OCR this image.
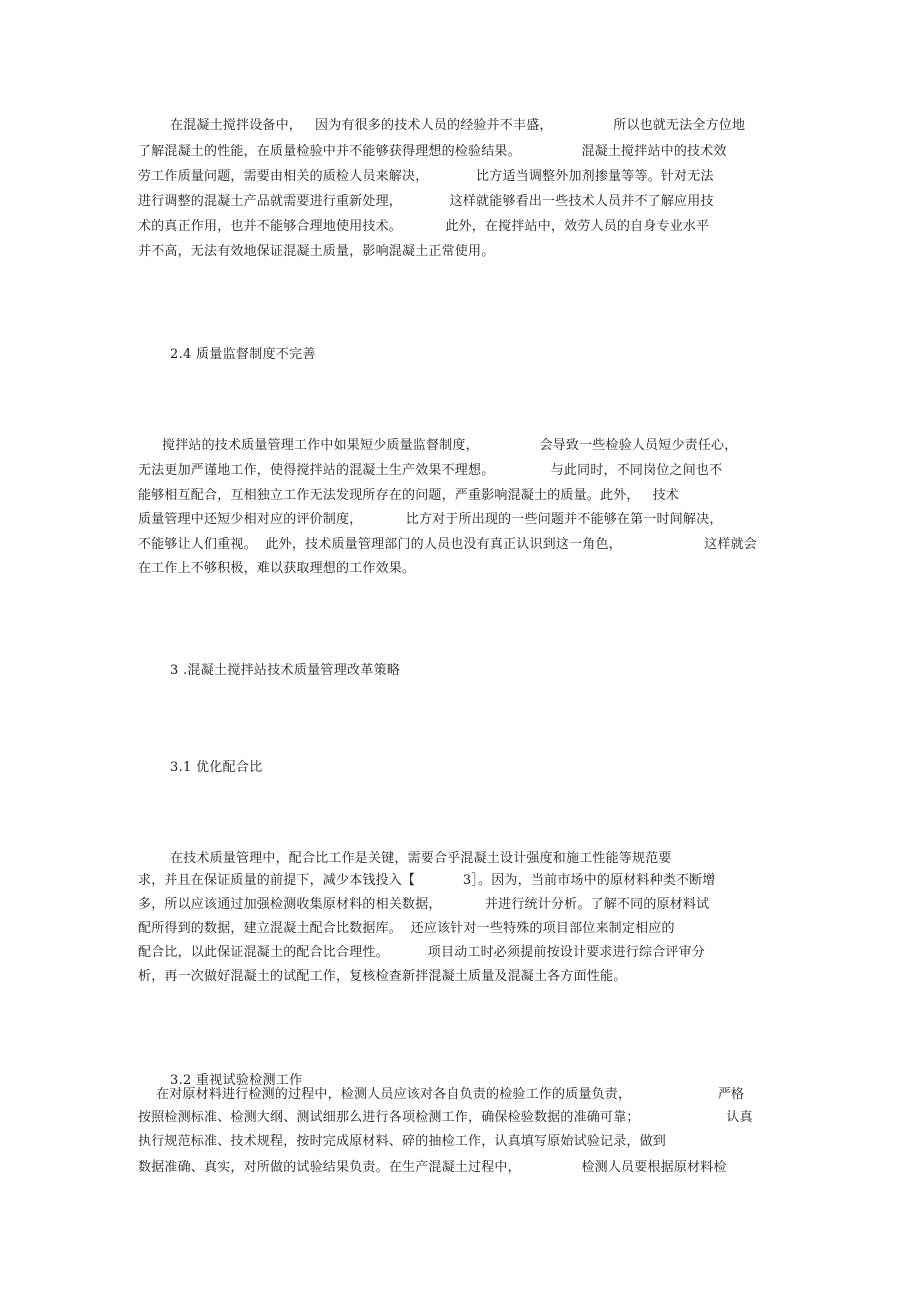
在混凝土搅拌设备中，   因为有很多的技术人员的经验并不丰盛，              所以也就无法全方位地
了解混凝土的性能，在质量检验中并不能够获得理想的检验结果。              混凝土搅拌站中的技术效
劳工作质量问题，需要由相关的质检人员来解决，           比方适当调整外加剂掺量等等。针对无法
进行调整的混凝土产品就需要进行重新处理，           这样就能够看出一些技术人员并不了解应用技
术的真正作用，也并不能够合理地使用技术。          此外，在搅拌站中，效劳人员的自身专业水平
并不高，无法有效地保证混凝土质量，影响混凝土正常使用。
2.4 质量监督制度不完善
搅拌站的技术质量管理工作中如果短少质量监督制度，              会导致一些检验人员短少责任心，
无法更加严谨地工作，使得搅拌站的混凝土生产效果不理想。             与此同时，不同岗位之间也不
能够相互配合，互相独立工作无法发现所存在的问题，严重影响混凝土的质量。此外，   技术
质量管理中还短少相对应的评价制度，          比方对于所出现的一些问题并不能够在第一时间解决，
不能够让人们重视。  此外，技术质量管理部门的人员也没有真正认识到这一角色，                   这样就会
在工作上不够积极，难以获取理想的工作效果。
3 .混凝土搅拌站技术质量管理改革策略
3.1 优化配合比
在技术质量管理中，配合比工作是关键，需要合乎混凝土设计强度和施工性能等规范要
求，并且在保证质量的前提下，减少本钱投入【           3］。因为，当前市场中的原材料种类不断增
多，所以应该通过加强检测收集原材料的相关数据，          并进行统计分析。了解不同的原材料试
配所得到的数据，建立混凝土配合比数据库。  还应该针对一些特殊的项目部位来制定相应的
配合比，以此保证混凝土的配合比合理性。         项目动工时必须提前按设计要求进行综合评审分
析，再一次做好混凝土的试配工作，复核检查新拌混凝土质量及混凝土各方面性能。
3.2 重视试验检测工作
在对原材料进行检测的过程中，检测人员应该对各自负责的检验工作的质量负责，                    严格
按照检测标准、检测大纲、测试细那么进行各项检测工作，确保检验数据的准确可靠；                    认真
执行规范标准、技术规程，按时完成原材料、碎的抽检工作，认真填写原始试验记录，做到
数据准确、真实，对所做的试验结果负责。在生产混凝土过程中，              检测人员要根据原材料检
